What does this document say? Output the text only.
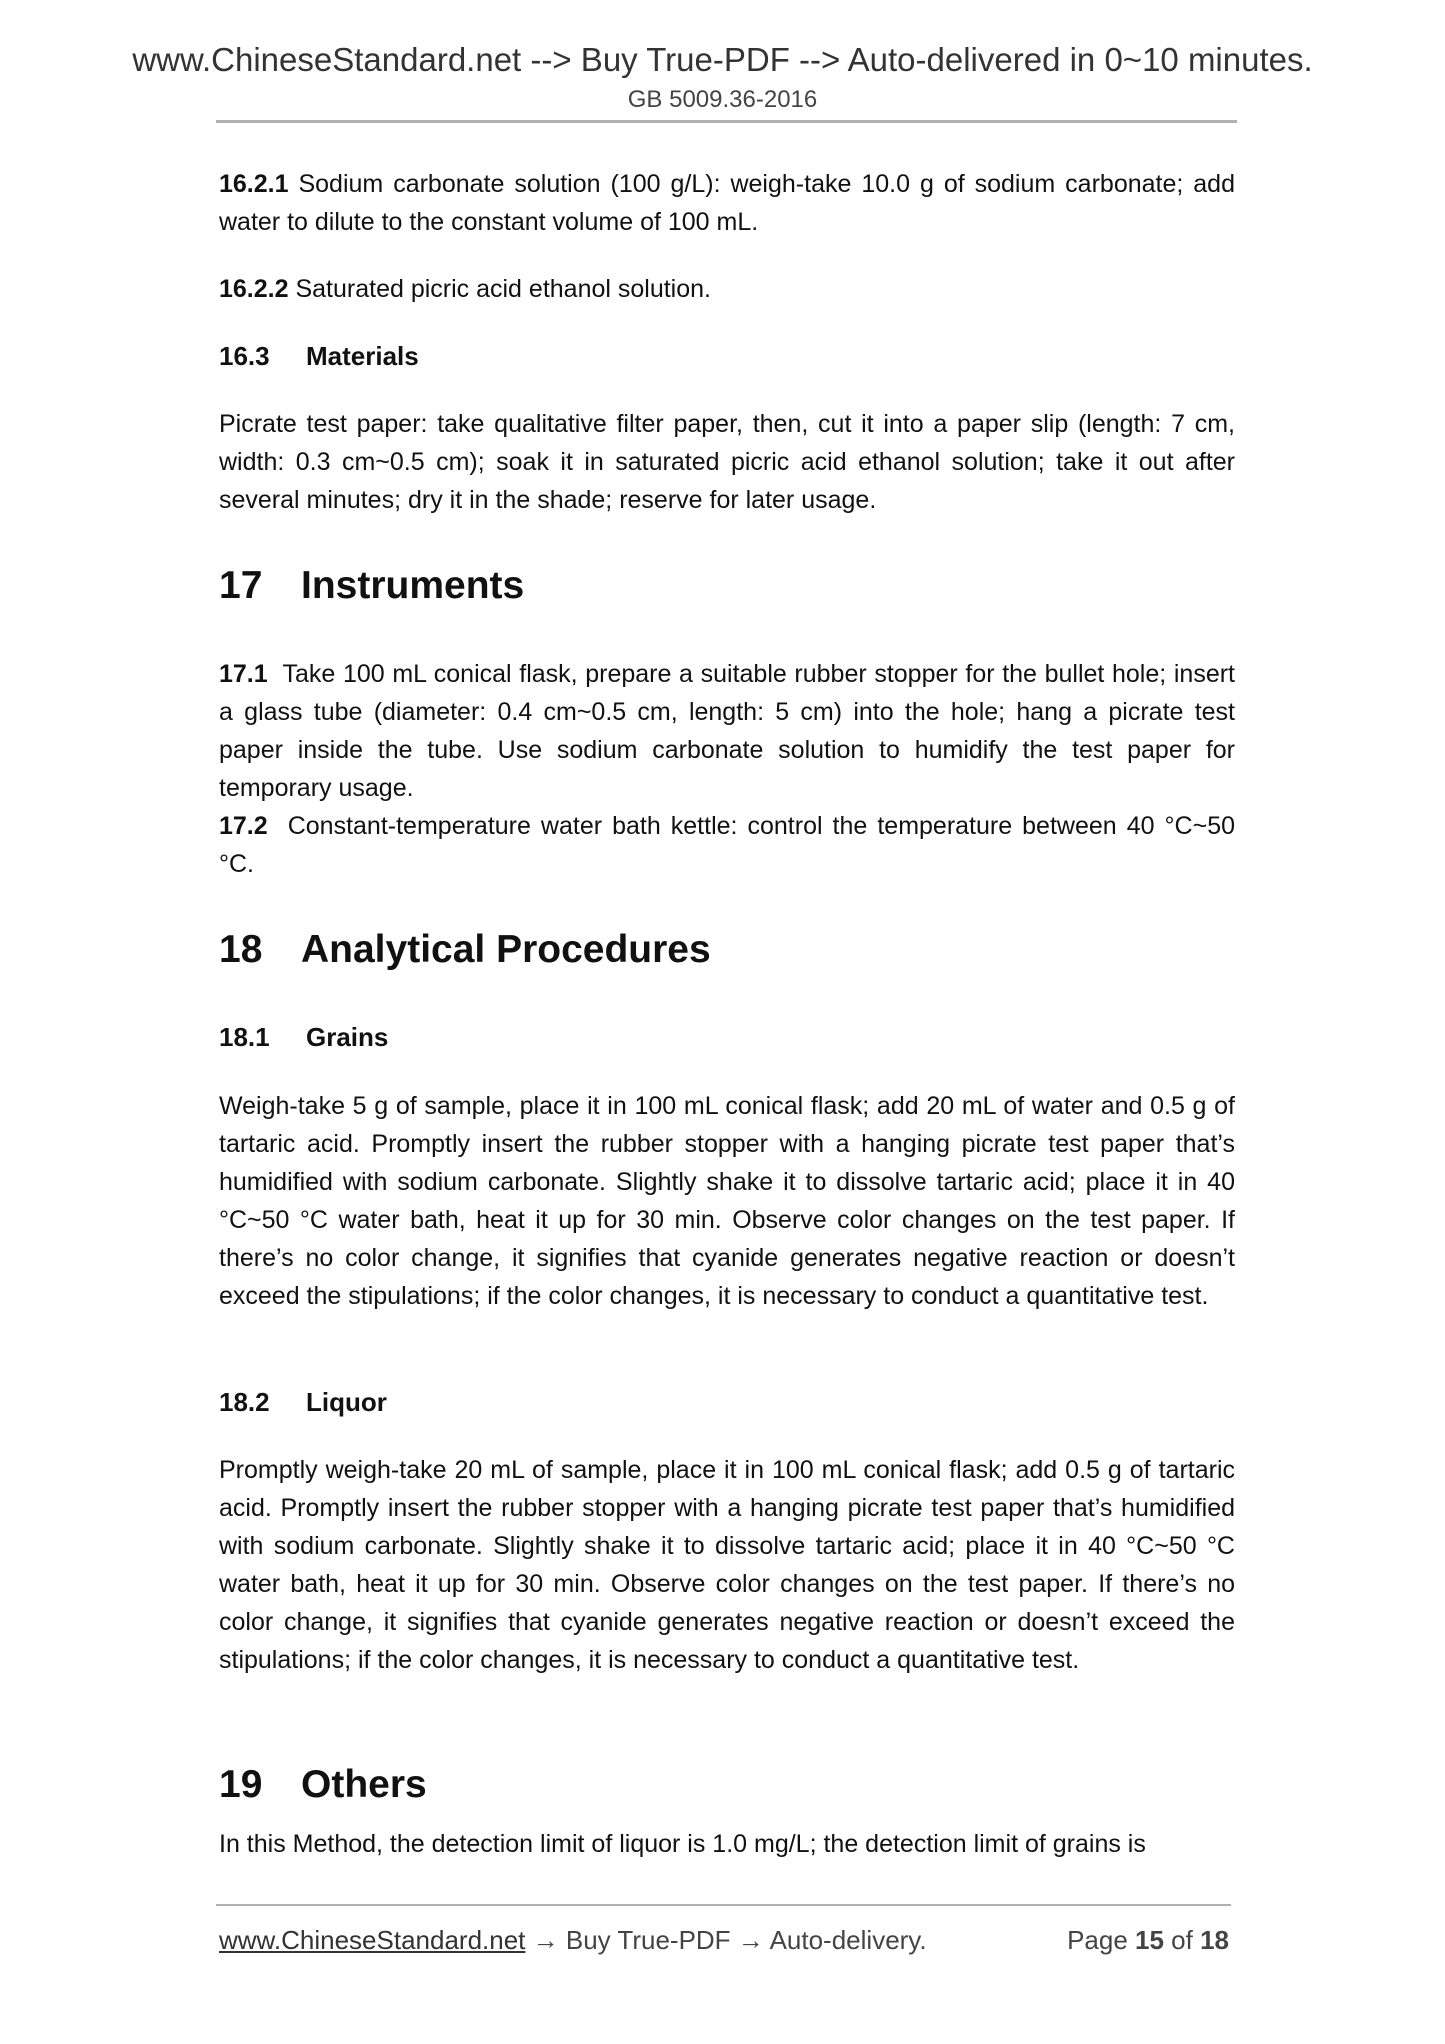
www.ChineseStandard.net --> Buy True-PDF --> Auto-delivered in 0~10 minutes.
GB 5009.36-2016
16.2.1 Sodium carbonate solution (100 g/L): weigh-take 10.0 g of sodium carbonate; add water to dilute to the constant volume of 100 mL.
16.2.2 Saturated picric acid ethanol solution.
16.3 Materials
Picrate test paper: take qualitative filter paper, then, cut it into a paper slip (length: 7 cm, width: 0.3 cm~0.5 cm); soak it in saturated picric acid ethanol solution; take it out after several minutes; dry it in the shade; reserve for later usage.
17 Instruments
17.1  Take 100 mL conical flask, prepare a suitable rubber stopper for the bullet hole; insert a glass tube (diameter: 0.4 cm~0.5 cm, length: 5 cm) into the hole; hang a picrate test paper inside the tube. Use sodium carbonate solution to humidify the test paper for temporary usage.
17.2  Constant-temperature water bath kettle: control the temperature between 40 °C~50 °C.
18 Analytical Procedures
18.1 Grains
Weigh-take 5 g of sample, place it in 100 mL conical flask; add 20 mL of water and 0.5 g of tartaric acid. Promptly insert the rubber stopper with a hanging picrate test paper that’s humidified with sodium carbonate. Slightly shake it to dissolve tartaric acid; place it in 40 °C~50 °C water bath, heat it up for 30 min. Observe color changes on the test paper. If there’s no color change, it signifies that cyanide generates negative reaction or doesn’t exceed the stipulations; if the color changes, it is necessary to conduct a quantitative test.
18.2 Liquor
Promptly weigh-take 20 mL of sample, place it in 100 mL conical flask; add 0.5 g of tartaric acid. Promptly insert the rubber stopper with a hanging picrate test paper that’s humidified with sodium carbonate. Slightly shake it to dissolve tartaric acid; place it in 40 °C~50 °C water bath, heat it up for 30 min. Observe color changes on the test paper. If there’s no color change, it signifies that cyanide generates negative reaction or doesn’t exceed the stipulations; if the color changes, it is necessary to conduct a quantitative test.
19 Others
In this Method, the detection limit of liquor is 1.0 mg/L; the detection limit of grains is
www.ChineseStandard.net → Buy True-PDF → Auto-delivery.	Page 15 of 18
